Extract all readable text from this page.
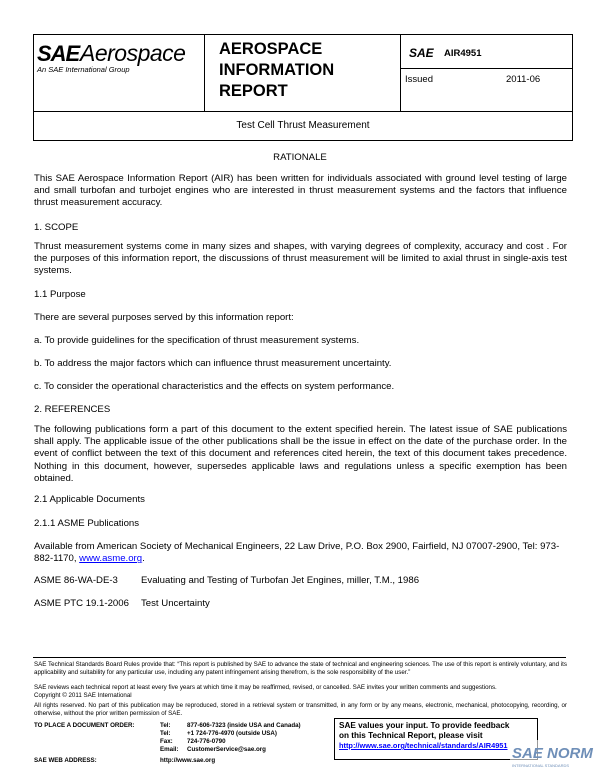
SAE Aerospace
An SAE International Group
AEROSPACE
INFORMATION
REPORT
SAE AIR4951
Issued	2011-06
Test Cell Thrust Measurement
RATIONALE

This SAE Aerospace Information Report (AIR) has been written for individuals associated with ground level testing of large and small turbofan and turbojet engines who are interested in thrust measurement systems and the factors that influence thrust measurement accuracy.

1. SCOPE

Thrust measurement systems come in many sizes and shapes, with varying degrees of complexity, accuracy and cost . For the purposes of this information report, the discussions of thrust measurement will be limited to axial thrust in single-axis test systems.

1.1 Purpose
There are several purposes served by this information report:
a. To provide guidelines for the specification of thrust measurement systems.
b. To address the major factors which can influence thrust measurement uncertainty.
c. To consider the operational characteristics and the effects on system performance.
2. REFERENCES

The following publications form a part of this document to the extent specified herein. The latest issue of SAE publications shall apply. The applicable issue of the other publications shall be the issue in effect on the date of the purchase order. In the event of conflict between the text of this document and references cited herein, the text of this document takes precedence. Nothing in this document, however, supersedes applicable laws and regulations unless a specific exemption has been obtained.

2.1 Applicable Documents
2.1.1 ASME Publications

Available from American Society of Mechanical Engineers, 22 Law Drive, P.O. Box 2900, Fairfield, NJ 07007-2900, Tel: 973-882-1170, www.asme.org.

ASME 86-WA-DE-3 Evaluating and Testing of Turbofan Jet Engines, miller, T.M., 1986
ASME PTC 19.1-2006 Test Uncertainty

SAE Technical Standards Board Rules provide that: “This report is published by SAE to advance the state of technical and engineering sciences. The use of this report is entirely voluntary, and its applicability and suitability for any particular use, including any patent infringement arising therefrom, is the sole responsibility of the user.”

SAE reviews each technical report at least every five years at which time it may be reaffirmed, revised, or cancelled. SAE invites your written comments and suggestions.

Copyright © 2011 SAE International

All rights reserved. No part of this publication may be reproduced, stored in a retrieval system or transmitted, in any form or by any means, electronic, mechanical, photocopying, recording, or otherwise, without the prior written permission of SAE.

TO PLACE A DOCUMENT ORDER:	Tel:	877-606-7323 (inside USA and Canada)
Tel:	+1 724-776-4970 (outside USA)
Fax: 724-776-0790
Email: CustomerService@sae.org
SAE WEB ADDRESS:	http://www.sae.org
SAE values your input. To provide feedback
on this Technical Report, please visit
http://www.sae.org/technical/standards/AIR4951 SAE NORM
INTERNATIONAL STANDARDS
